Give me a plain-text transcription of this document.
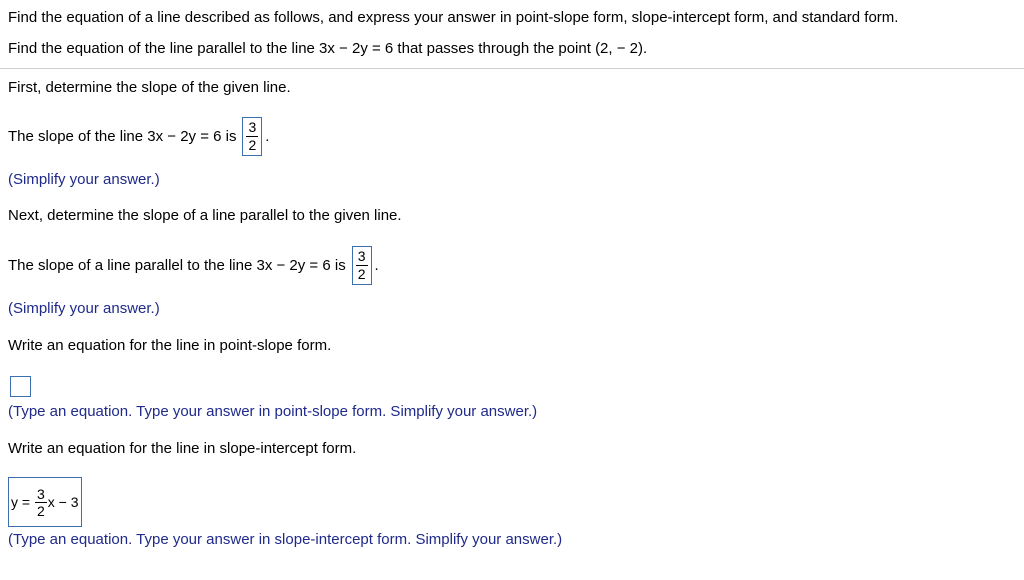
Find the equation of a line described as follows, and express your answer in point-slope form, slope-intercept form, and standard form.
Find the equation of the line parallel to the line 3x − 2y = 6 that passes through the point (2, − 2).
First, determine the slope of the given line.
The slope of the line 3x − 2y = 6 is $\frac{3}{2}$ .
(Simplify your answer.)
Next, determine the slope of a line parallel to the given line.
The slope of a line parallel to the line 3x − 2y = 6 is $\frac{3}{2}$ .
(Simplify your answer.)
Write an equation for the line in point-slope form.
(Type an equation. Type your answer in point-slope form. Simplify your answer.)
Write an equation for the line in slope-intercept form.
$y = \frac{3}{2}$ x − 3
(Type an equation. Type your answer in slope-intercept form. Simplify your answer.)
